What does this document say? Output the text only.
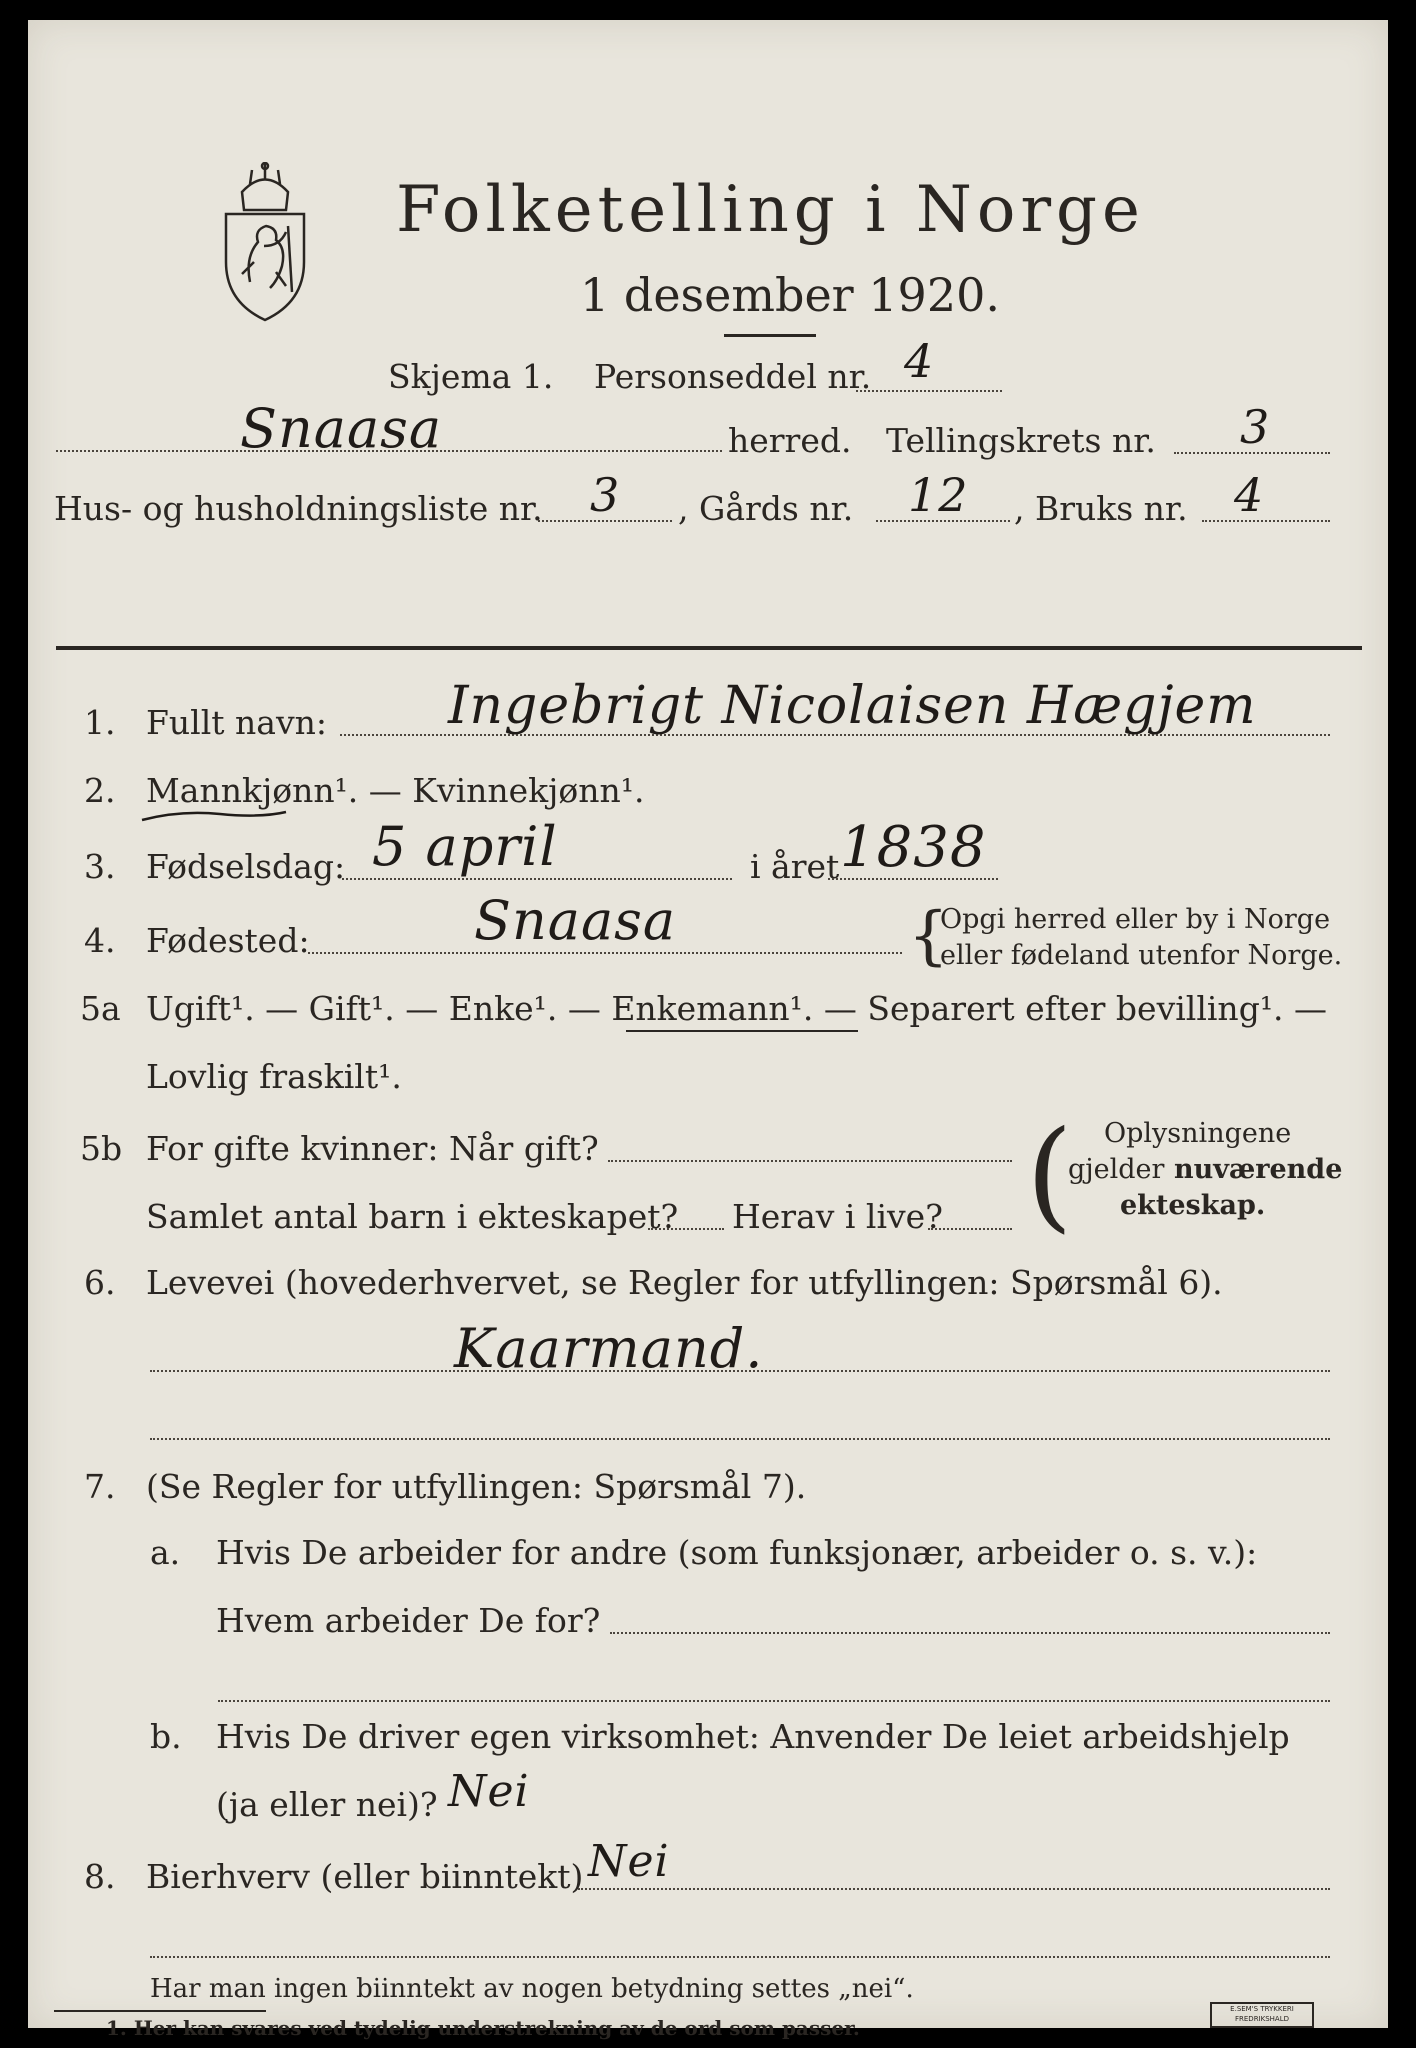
Folketelling i Norge
1 desember 1920.
Skjema 1. Personseddel nr. 4
Snaasa	herred. Tellingskrets nr. 3
Hus- og husholdningsliste nr. 3 , Gårds nr. 12 , Bruks nr. 4
1. Fullt navn: Ingebrigt Nicolaisen Hægjem
2. Mannkjønn¹. — Kvinnekjønn¹.
3. Fødselsdag: 5 april	i året 1838
4. Fødested:	Snaasa	{
Opgi herred eller by i Norge
eller fødeland utenfor Norge.
5a Ugift¹. — Gift¹. — Enke¹. — Enkemann¹. — Separert efter bevilling¹. —
Lovlig fraskilt¹.
5b For gifte kvinner: Når gift?
Samlet antal barn i ekteskapet? Herav i live? ( Oplysningene
gjelder nuværende
ekteskap.
6. Levevei (hovederhvervet, se Regler for utfyllingen: Spørsmål 6).
Kaarmand.
7. (Se Regler for utfyllingen: Spørsmål 7).
a. Hvis De arbeider for andre (som funksjonær, arbeider o. s. v.):
Hvem arbeider De for?
b. Hvis De driver egen virksomhet: Anvender De leiet arbeidshjelp
(ja eller nei)? Nei
8. Bierhverv (eller biinntekt) Nei
Har man ingen biinntekt av nogen betydning settes „nei“.
1. Her kan svares ved tydelig understrekning av de ord som passer.
E.SEM'S TRYKKERI
FREDRIKSHALD
